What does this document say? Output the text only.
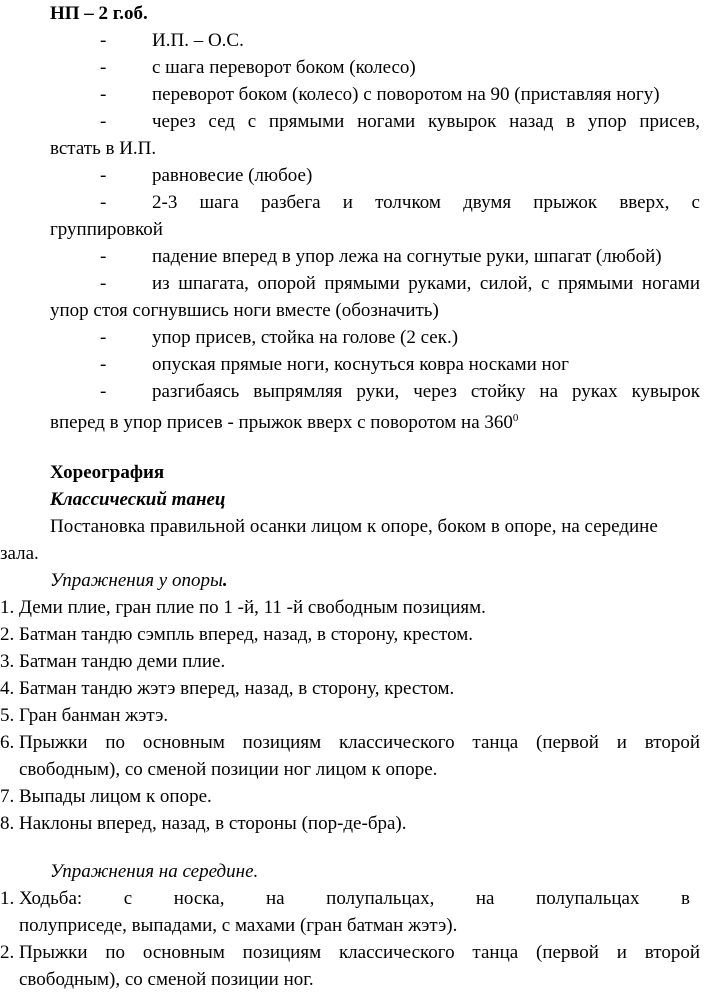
НП – 2 г.об.
- И.П. – О.С.
- с шага переворот боком (колесо)
- переворот боком (колесо) с поворотом на 90 (приставляя ногу)
- через сед с прямыми ногами кувырок назад в упор присев,
встать в И.П.
- равновесие (любое)
- 2-3 шага разбега и толчком двумя прыжок вверх, с
группировкой
- падение вперед в упор лежа на согнутые руки, шпагат (любой)
- из шпагата, опорой прямыми руками, силой, с прямыми ногами
упор стоя согнувшись ноги вместе (обозначить)
- упор присев, стойка на голове (2 сек.)
- опуская прямые ноги, коснуться ковра носками ног
- разгибаясь выпрямляя руки, через стойку на руках кувырок
вперед в упор присев - прыжок вверх с поворотом на $360^0$
Хореография
Классический танец
Постановка правильной осанки лицом к опоре, боком в опоре, на середине
зала.
Упражнения у опоры.
1. Деми плие, гран плие по 1 -й, 11 -й свободным позициям.
2. Батман тандю сэмпль вперед, назад, в сторону, крестом.
3. Батман тандю деми плие.
4. Батман тандю жэтэ вперед, назад, в сторону, крестом.
5. Гран банман жэтэ.
6. Прыжки по основным позициям классического танца (первой и второй
свободным), со сменой позиции ног лицом к опоре.
7. Выпады лицом к опоре.
8. Наклоны вперед, назад, в стороны (пор-де-бра).
Упражнения на середине.
1. Ходьба: с носка, на полупальцах, на полупальцах в
полуприседе, выпадами, с махами (гран батман жэтэ).
2. Прыжки по основным позициям классического танца (первой и второй
свободным), со сменой позиции ног.
